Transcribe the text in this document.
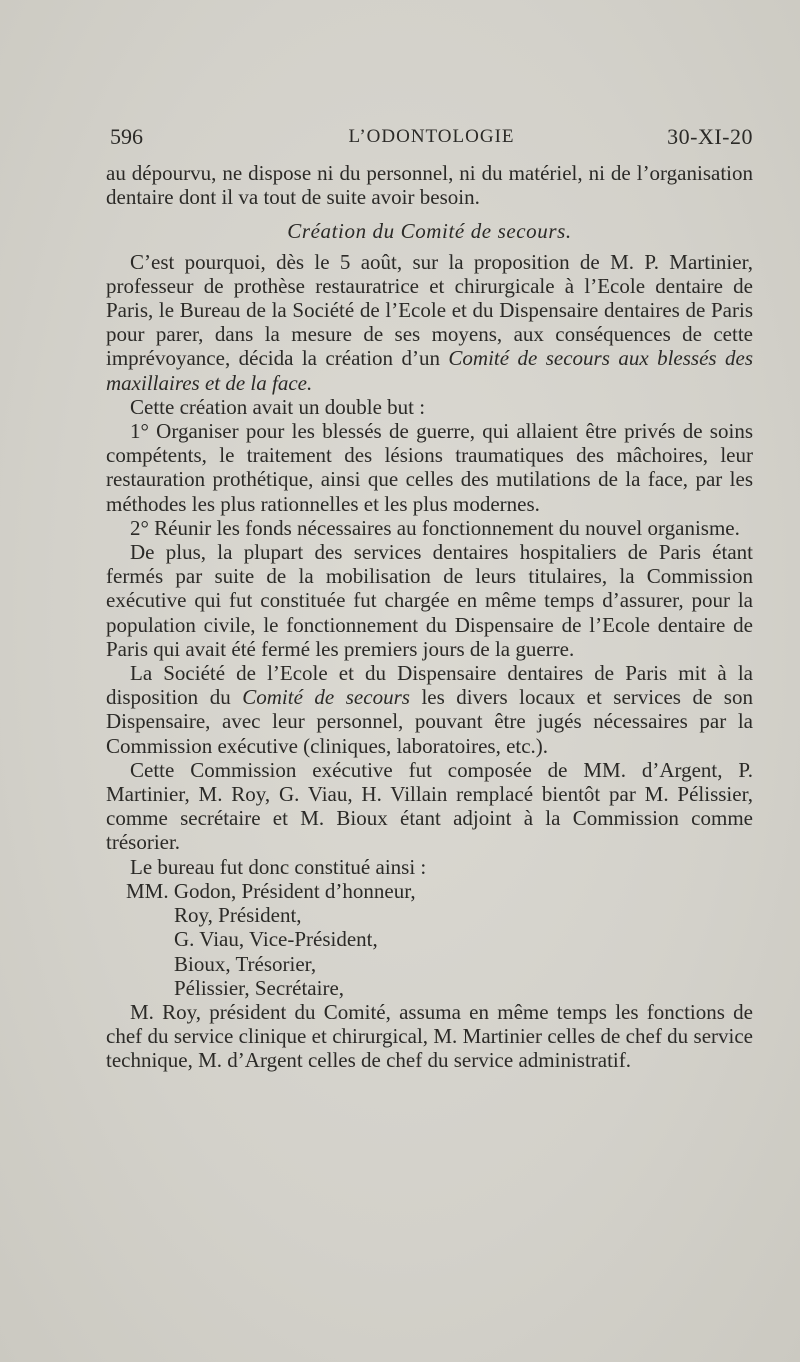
596	L’ODONTOLOGIE	30-XI-20

au dépourvu, ne dispose ni du personnel, ni du matériel, ni de l’organisation dentaire dont il va tout de suite avoir besoin.

Création du Comité de secours.

C’est pourquoi, dès le 5 août, sur la proposition de M. P. Martinier, professeur de prothèse restauratrice et chirurgicale à l’Ecole dentaire de Paris, le Bureau de la Société de l’Ecole et du Dispensaire dentaires de Paris pour parer, dans la mesure de ses moyens, aux conséquences de cette imprévoyance, décida la création d’un Comité de secours aux blessés des maxillaires et de la face.

Cette création avait un double but :

1° Organiser pour les blessés de guerre, qui allaient être privés de soins compétents, le traitement des lésions traumatiques des mâchoires, leur restauration prothétique, ainsi que celles des mutilations de la face, par les méthodes les plus rationnelles et les plus modernes.

2° Réunir les fonds nécessaires au fonctionnement du nouvel organisme.

De plus, la plupart des services dentaires hospitaliers de Paris étant fermés par suite de la mobilisation de leurs titulaires, la Commission exécutive qui fut constituée fut chargée en même temps d’assurer, pour la population civile, le fonctionnement du Dispensaire de l’Ecole dentaire de Paris qui avait été fermé les premiers jours de la guerre.

La Société de l’Ecole et du Dispensaire dentaires de Paris mit à la disposition du Comité de secours les divers locaux et services de son Dispensaire, avec leur personnel, pouvant être jugés nécessaires par la Commission exécutive (cliniques, laboratoires, etc.).

Cette Commission exécutive fut composée de MM. d’Argent, P. Martinier, M. Roy, G. Viau, H. Villain remplacé bientôt par M. Pélissier, comme secrétaire et M. Bioux étant adjoint à la Commission comme trésorier.

Le bureau fut donc constitué ainsi :

MM. Godon, Président d’honneur,

Roy, Président,

G. Viau, Vice-Président,

Bioux, Trésorier,

Pélissier, Secrétaire,

M. Roy, président du Comité, assuma en même temps les fonctions de chef du service clinique et chirurgical, M. Martinier celles de chef du service technique, M. d’Argent celles de chef du service administratif.
